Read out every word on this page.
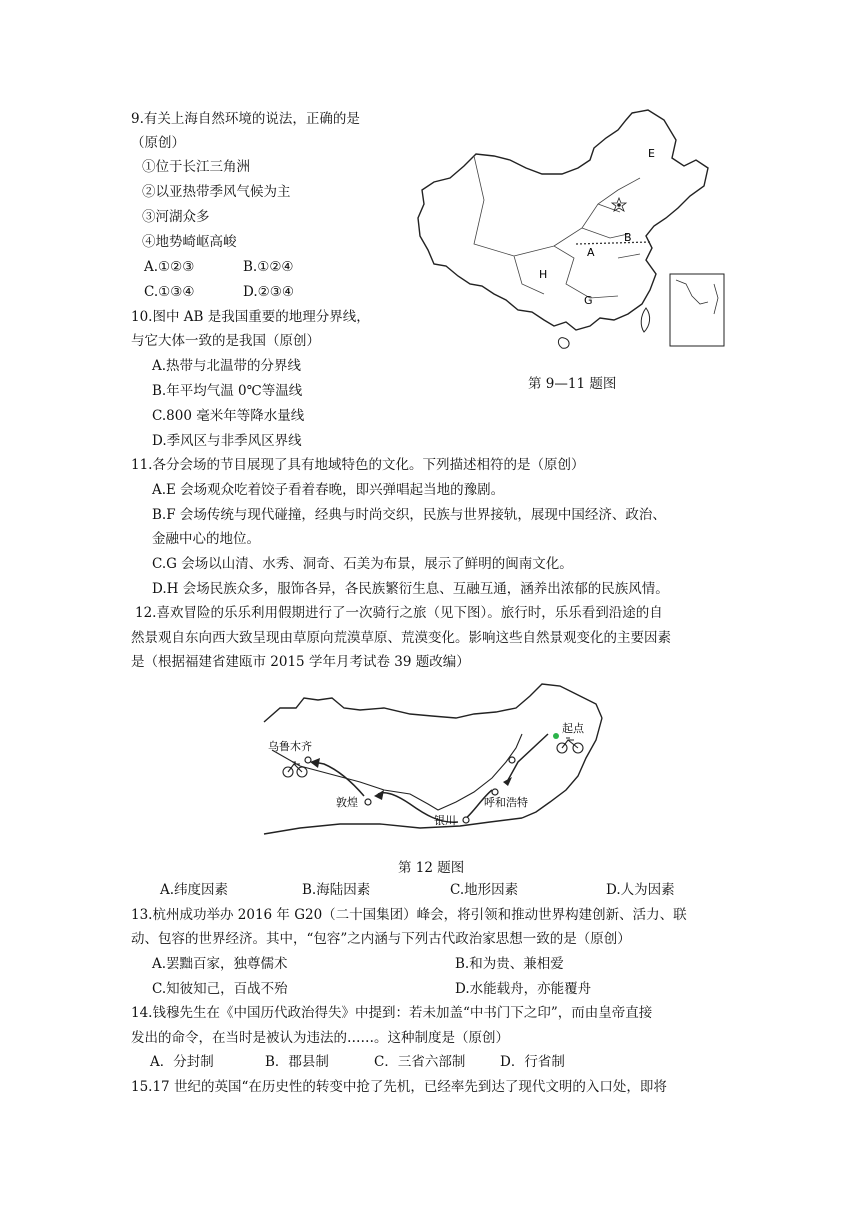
9.有关上海自然环境的说法，正确的是
（原创）
①位于长江三角洲
②以亚热带季风气候为主
③河湖众多
④地势崎岖高峻
A.①②③	B.①②④
C.①③④	D.②③④
E
A
B
H
G
第 9—11 题图
10.图中 AB 是我国重要的地理分界线，
与它大体一致的是我国（原创）
A.热带与北温带的分界线
B.年平均气温 0℃等温线
C.800 毫米年等降水量线
D.季风区与非季风区界线
11.各分会场的节目展现了具有地域特色的文化。下列描述相符的是（原创）
A.E 会场观众吃着饺子看着春晚，即兴弹唱起当地的豫剧。
B.F 会场传统与现代碰撞，经典与时尚交织，民族与世界接轨，展现中国经济、政治、
金融中心的地位。
C.G 会场以山清、水秀、洞奇、石美为布景，展示了鲜明的闽南文化。
D.H 会场民族众多，服饰各异，各民族繁衍生息、互融互通，涵养出浓郁的民族风情。
12.喜欢冒险的乐乐利用假期进行了一次骑行之旅（见下图）。旅行时，乐乐看到沿途的自
然景观自东向西大致呈现由草原向荒漠草原、荒漠变化。影响这些自然景观变化的主要因素
是（根据福建省建瓯市 2015 学年月考试卷 39 题改编）
起点
乌鲁木齐
呼和浩特
敦煌
银川
第 12 题图
A.纬度因素	B.海陆因素	C.地形因素	D.人为因素
13.杭州成功举办 2016 年 G20（二十国集团）峰会，将引领和推动世界构建创新、活力、联
动、包容的世界经济。其中，“包容”之内涵与下列古代政治家思想一致的是（原创）
A.罢黜百家，独尊儒术	B.和为贵、兼相爱
C.知彼知己，百战不殆	D.水能载舟，亦能覆舟
14.钱穆先生在《中国历代政治得失》中提到：若未加盖“中书门下之印”，而由皇帝直接
发出的命令，在当时是被认为违法的……。这种制度是（原创）
A．分封制	B．郡县制	C．三省六部制	D．行省制
15.17 世纪的英国“在历史性的转变中抢了先机，已经率先到达了现代文明的入口处，即将
